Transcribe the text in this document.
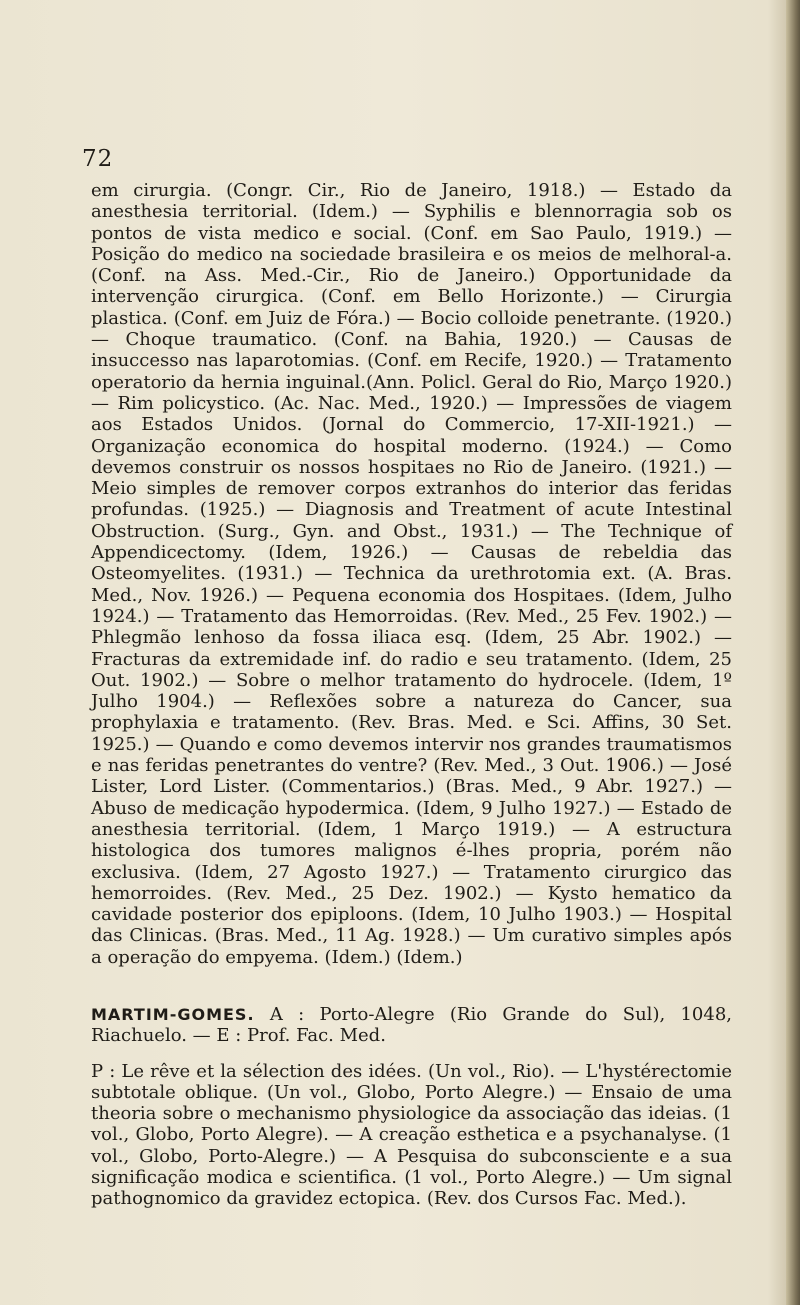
72

em cirurgia. (Congr. Cir., Rio de Janeiro, 1918.) — Estado da anesthesia territorial. (Idem.) — Syphilis e blennorragia sob os pontos de vista medico e social. (Conf. em Sao Paulo, 1919.) — Posição do medico na sociedade brasileira e os meios de melhoral-a. (Conf. na Ass. Med.-Cir., Rio de Janeiro.) Opportunidade da intervenção cirurgica. (Conf. em Bello Horizonte.) — Cirurgia plastica. (Conf. em Juiz de Fóra.) — Bocio colloide penetrante. (1920.) — Choque traumatico. (Conf. na Bahia, 1920.) — Causas de insuccesso nas laparotomias. (Conf. em Recife, 1920.) — Tratamento operatorio da hernia inguinal.(Ann. Policl. Geral do Rio, Março 1920.) — Rim policystico. (Ac. Nac. Med., 1920.) — Impressões de viagem aos Estados Unidos. (Jornal do Commercio, 17-XII-1921.) — Organização economica do hospital moderno. (1924.) — Como devemos construir os nossos hospitaes no Rio de Janeiro. (1921.) — Meio simples de remover corpos extranhos do interior das feridas profundas. (1925.) — Diagnosis and Treatment of acute Intestinal Obstruction. (Surg., Gyn. and Obst., 1931.) — The Technique of Appendicectomy. (Idem, 1926.) — Causas de rebeldia das Osteomyelites. (1931.) — Technica da urethrotomia ext. (A. Bras. Med., Nov. 1926.) — Pequena economia dos Hospitaes. (Idem, Julho 1924.) — Tratamento das Hemorroidas. (Rev. Med., 25 Fev. 1902.) — Phlegmão lenhoso da fossa iliaca esq. (Idem, 25 Abr. 1902.) — Fracturas da extremidade inf. do radio e seu tratamento. (Idem, 25 Out. 1902.) — Sobre o melhor tratamento do hydrocele. (Idem, 1º Julho 1904.) — Reflexões sobre a natureza do Cancer, sua prophylaxia e tratamento. (Rev. Bras. Med. e Sci. Affins, 30 Set. 1925.) — Quando e como devemos intervir nos grandes traumatismos e nas feridas penetrantes do ventre? (Rev. Med., 3 Out. 1906.) — José Lister, Lord Lister. (Commentarios.) (Bras. Med., 9 Abr. 1927.) — Abuso de medicação hypodermica. (Idem, 9 Julho 1927.) — Estado de anesthesia territorial. (Idem, 1 Março 1919.) — A estructura histologica dos tumores malignos é-lhes propria, porém não exclusiva. (Idem, 27 Agosto 1927.) — Tratamento cirurgico das hemorroides. (Rev. Med., 25 Dez. 1902.) — Kysto hematico da cavidade posterior dos epiploons. (Idem, 10 Julho 1903.) — Hospital das Clinicas. (Bras. Med., 11 Ag. 1928.) — Um curativo simples após a operação do empyema. (Idem.) (Idem.)

MARTIM-GOMES. A : Porto-Alegre (Rio Grande do Sul), 1048, Riachuelo. — E : Prof. Fac. Med.

P : Le rêve et la sélection des idées. (Un vol., Rio). — L'hystérectomie subtotale oblique. (Un vol., Globo, Porto Alegre.) — Ensaio de uma theoria sobre o mechanismo physiologice da associação das ideias. (1 vol., Globo, Porto Alegre). — A creação esthetica e a psychanalyse. (1 vol., Globo, Porto-Alegre.) — A Pesquisa do subconsciente e a sua significação modica e scientifica. (1 vol., Porto Alegre.) — Um signal pathognomico da gravidez ectopica. (Rev. dos Cursos Fac. Med.).
